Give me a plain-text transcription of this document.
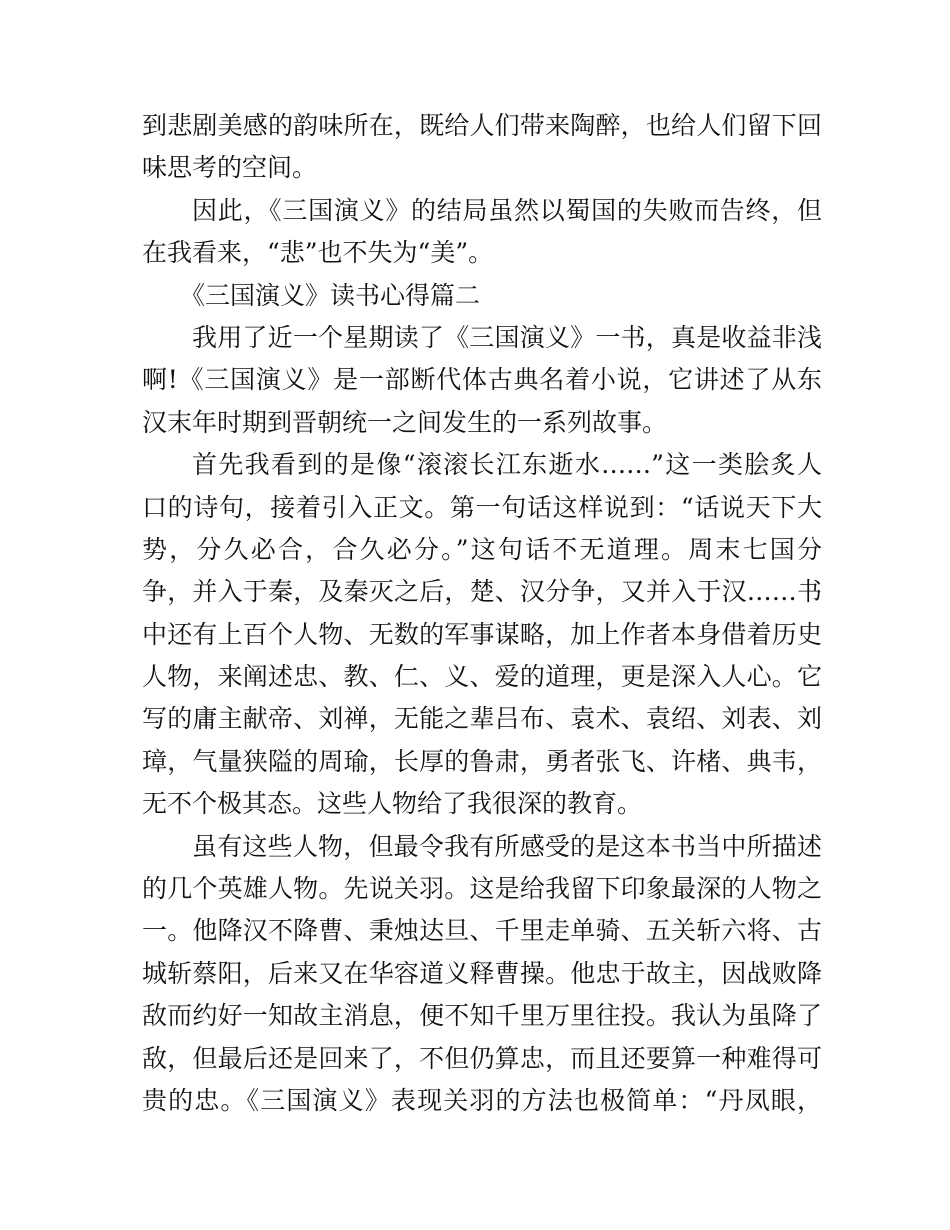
到悲剧美感的韵味所在，既给人们带来陶醉，也给人们留下回
味思考的空间。
因此，《三国演义》的结局虽然以蜀国的失败而告终，但
在我看来，“悲”也不失为“美”。
《三国演义》读书心得篇二
我用了近一个星期读了《三国演义》一书，真是收益非浅
啊!《三国演义》是一部断代体古典名着小说，它讲述了从东
汉末年时期到晋朝统一之间发生的一系列故事。
首先我看到的是像“滚滚长江东逝水……”这一类脍炙人
口的诗句，接着引入正文。第一句话这样说到：“话说天下大
势，分久必合，合久必分。”这句话不无道理。周末七国分
争，并入于秦，及秦灭之后，楚、汉分争，又并入于汉……书
中还有上百个人物、无数的军事谋略，加上作者本身借着历史
人物，来阐述忠、教、仁、义、爱的道理，更是深入人心。它
写的庸主献帝、刘禅，无能之辈吕布、袁术、袁绍、刘表、刘
璋，气量狭隘的周瑜，长厚的鲁肃，勇者张飞、许楮、典韦，
无不个极其态。这些人物给了我很深的教育。
虽有这些人物，但最令我有所感受的是这本书当中所描述
的几个英雄人物。先说关羽。这是给我留下印象最深的人物之
一。他降汉不降曹、秉烛达旦、千里走单骑、五关斩六将、古
城斩蔡阳，后来又在华容道义释曹操。他忠于故主，因战败降
敌而约好一知故主消息，便不知千里万里往投。我认为虽降了
敌，但最后还是回来了，不但仍算忠，而且还要算一种难得可
贵的忠。《三国演义》表现关羽的方法也极简单：“丹凤眼，
